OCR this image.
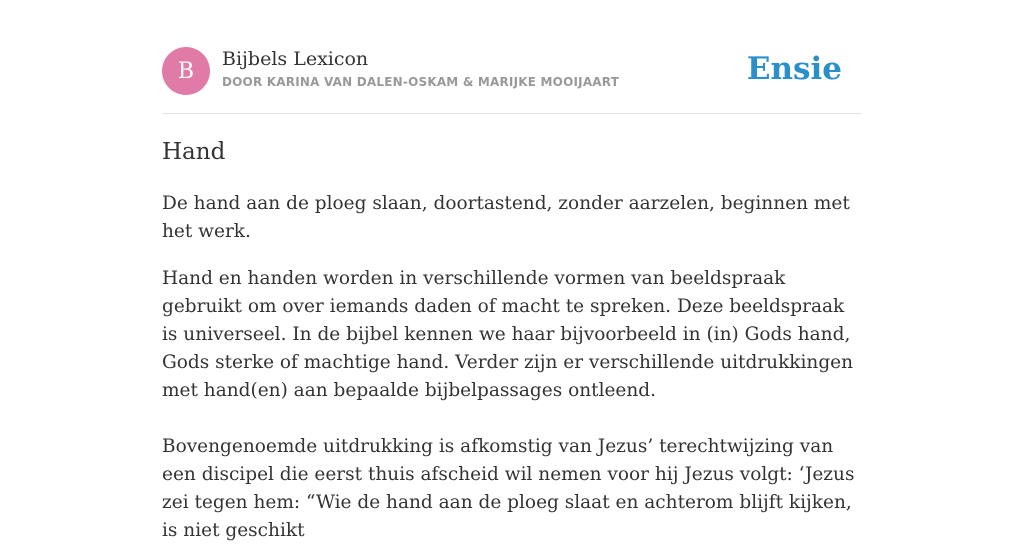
B	Bijbels Lexicon
DOOR KARINA VAN DALEN-OSKAM & MARIJKE MOOIJAART	Ensie
Hand

De hand aan de ploeg slaan, doortastend, zonder aarzelen, beginnen met het werk.

Hand en handen worden in verschillende vormen van beeldspraak gebruikt om over iemands daden of macht te spreken. Deze beeldspraak is universeel. In de bijbel kennen we haar bijvoorbeeld in (in) Gods hand, Gods sterke of machtige hand. Verder zijn er verschillende uitdrukkingen met hand(en) aan bepaalde bijbelpassages ontleend.

Bovengenoemde uitdrukking is afkomstig van Jezus’ terechtwijzing van een discipel die eerst thuis afscheid wil nemen voor hij Jezus volgt: ‘Jezus zei tegen hem: “Wie de hand aan de ploeg slaat en achterom blijft kijken, is niet geschikt
